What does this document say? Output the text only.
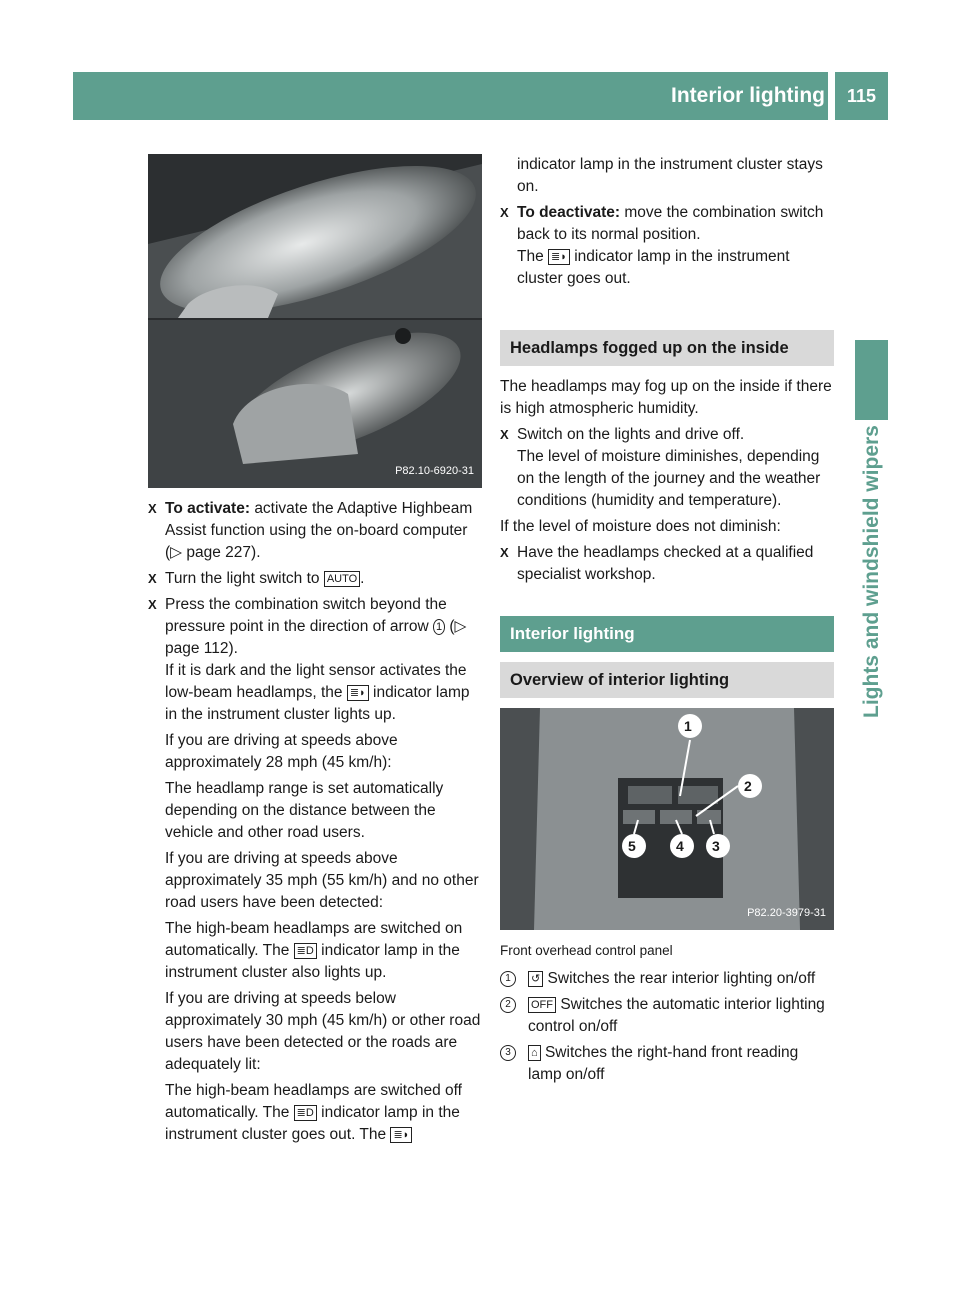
Interior lighting	115
Lights and windshield wipers
P82.10-6920-31
X To activate: activate the Adaptive Highbeam Assist function using the on-board computer (▷ page 227).
X Turn the light switch to AUTO .
X Press the combination switch beyond the pressure point in the direction of arrow 1 (▷ page 112).
If it is dark and the light sensor activates the low-beam headlamps, the ≣◗ indicator lamp in the instrument cluster lights up.

If you are driving at speeds above approximately 28 mph (45 km/h):

The headlamp range is set automatically depending on the distance between the vehicle and other road users.

If you are driving at speeds above approximately 35 mph (55 km/h) and no other road users have been detected:

The high-beam headlamps are switched on automatically. The ≣D indicator lamp in the instrument cluster also lights up.

If you are driving at speeds below approximately 30 mph (45 km/h) or other road users have been detected or the roads are adequately lit:

The high-beam headlamps are switched off automatically. The ≣D indicator lamp in the instrument cluster goes out. The ≣◗

indicator lamp in the instrument cluster stays on.

X To deactivate: move the combination switch back to its normal position.
The ≣◗ indicator lamp in the instrument cluster goes out.
Headlamps fogged up on the inside

The headlamps may fog up on the inside if there is high atmospheric humidity.

X Switch on the lights and drive off.
The level of moisture diminishes, depending on the length of the journey and the weather conditions (humidity and temperature).

If the level of moisture does not diminish:

X Have the headlamps checked at a qualified specialist workshop.
Interior lighting
Overview of interior lighting
1
2
5	4 3
P82.20-3979-31

Front overhead control panel

1	↺ Switches the rear interior lighting on/off
2	OFF Switches the automatic interior lighting control on/off
3	⌂ Switches the right-hand front reading lamp on/off
